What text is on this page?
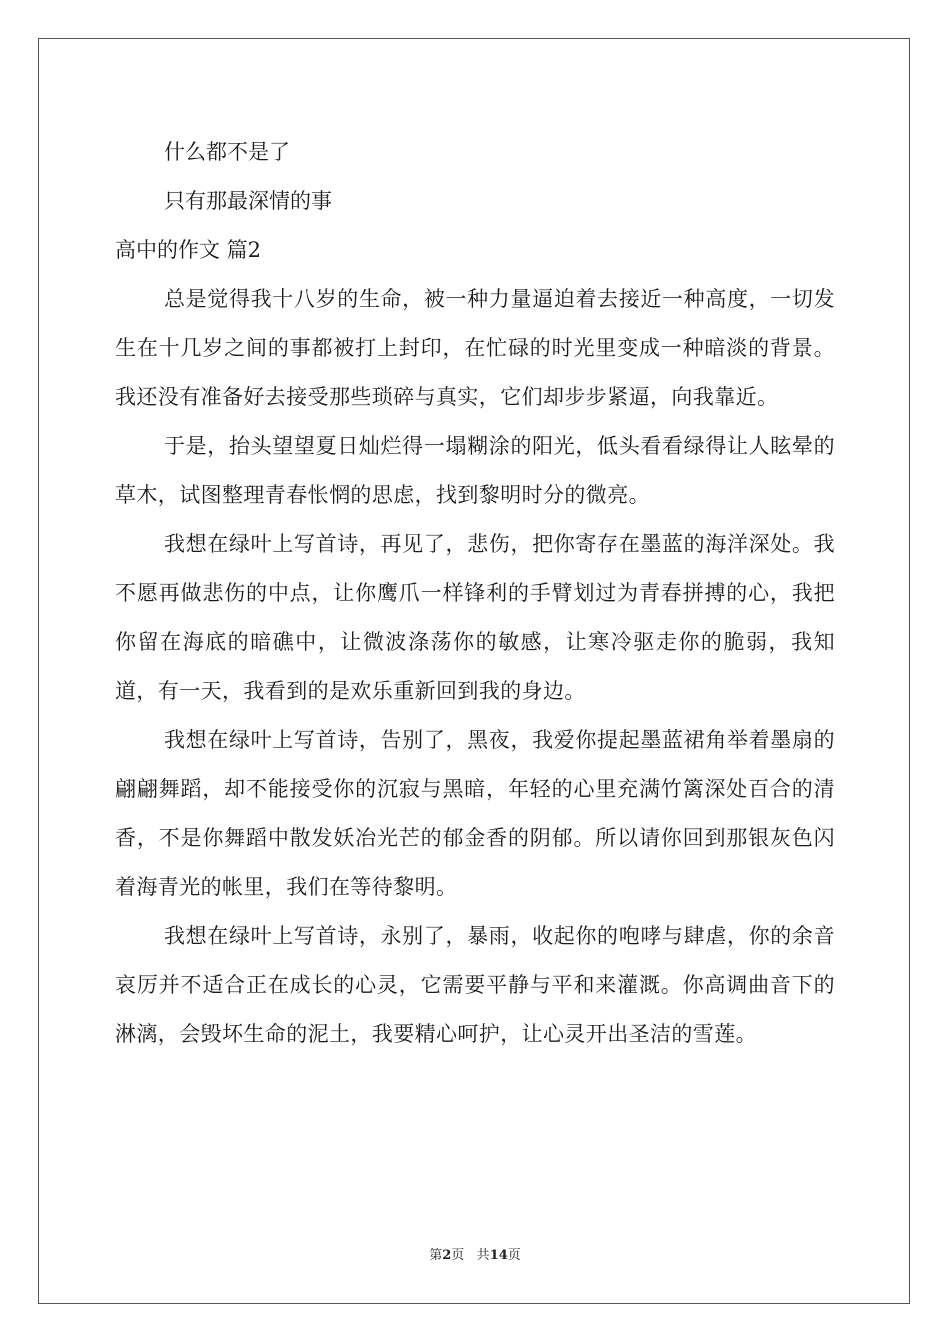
什么都不是了

只有那最深情的事

高中的作文 篇2

总是觉得我十八岁的生命，被一种力量逼迫着去接近一种高度，一切发生在十几岁之间的事都被打上封印，在忙碌的时光里变成一种暗淡的背景。我还没有准备好去接受那些琐碎与真实，它们却步步紧逼，向我靠近。

于是，抬头望望夏日灿烂得一塌糊涂的阳光，低头看看绿得让人眩晕的草木，试图整理青春怅惘的思虑，找到黎明时分的微亮。

我想在绿叶上写首诗，再见了，悲伤，把你寄存在墨蓝的海洋深处。我不愿再做悲伤的中点，让你鹰爪一样锋利的手臂划过为青春拼搏的心，我把你留在海底的暗礁中，让微波涤荡你的敏感，让寒冷驱走你的脆弱，我知道，有一天，我看到的是欢乐重新回到我的身边。

我想在绿叶上写首诗，告别了，黑夜，我爱你提起墨蓝裙角举着墨扇的翩翩舞蹈，却不能接受你的沉寂与黑暗，年轻的心里充满竹篱深处百合的清香，不是你舞蹈中散发妖冶光芒的郁金香的阴郁。所以请你回到那银灰色闪着海青光的帐里，我们在等待黎明。

我想在绿叶上写首诗，永别了，暴雨，收起你的咆哮与肆虐，你的余音哀厉并不适合正在成长的心灵，它需要平静与平和来灌溉。你高调曲音下的淋漓，会毁坏生命的泥土，我要精心呵护，让心灵开出圣洁的雪莲。

第2页 共14页
